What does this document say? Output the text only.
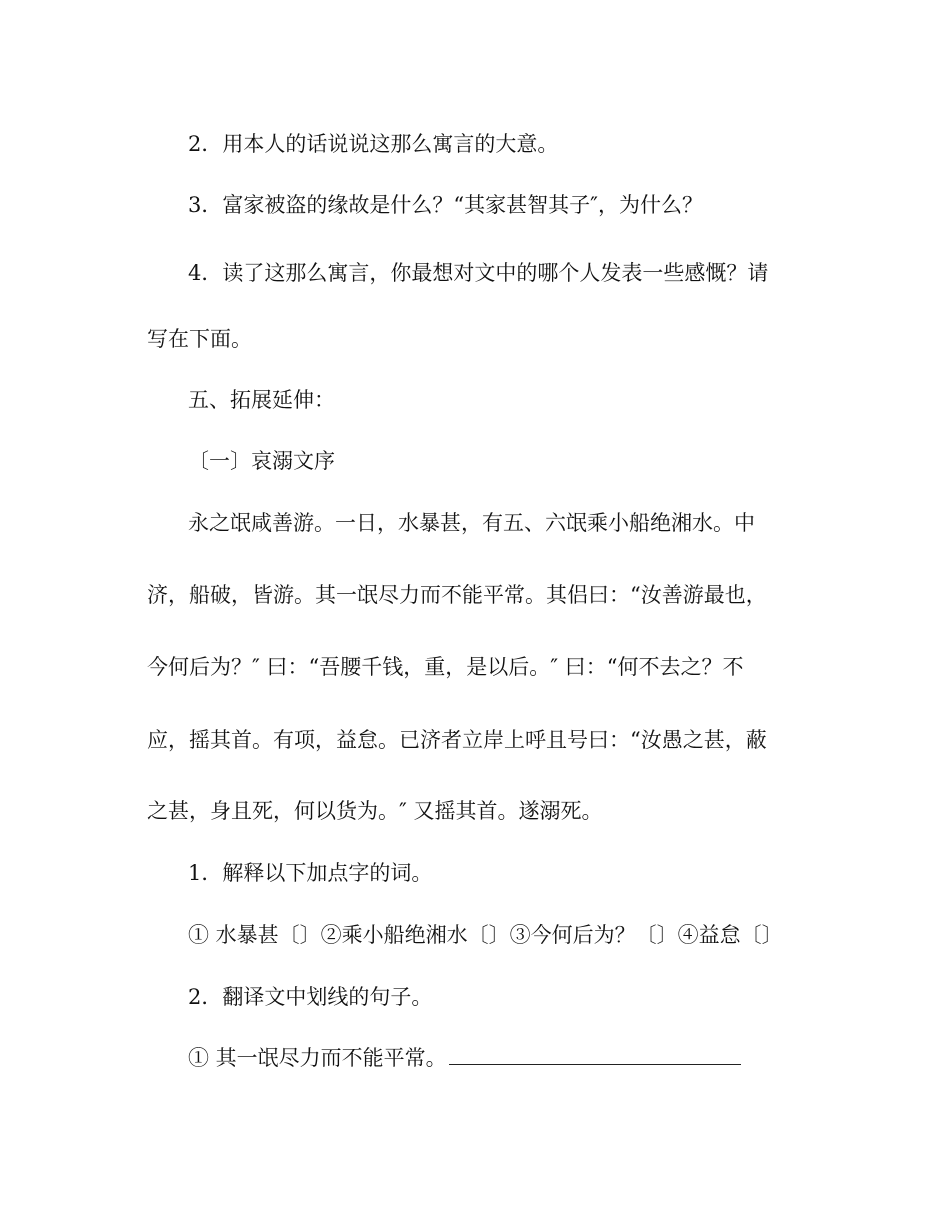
2．用本人的话说说这那么寓言的大意。
3．富家被盗的缘故是什么？“其家甚智其子″，为什么？
4．读了这那么寓言，你最想对文中的哪个人发表一些感慨？请
写在下面。
五、拓展延伸：
〔一〕哀溺文序
永之氓咸善游。一日，水暴甚，有五、六氓乘小船绝湘水。中
济，船破，皆游。其一氓尽力而不能平常。其侣曰：“汝善游最也，
今何后为？″ 曰：“吾腰千钱，重，是以后。″ 曰：“何不去之？不
应，摇其首。有项，益怠。已济者立岸上呼且号曰：“汝愚之甚，蔽
之甚，身且死，何以货为。″ 又摇其首。遂溺死。
1．解释以下加点字的词。
① 水暴甚〔〕②乘小船绝湘水〔〕③今何后为？〔〕④益怠〔〕
2．翻译文中划线的句子。
① 其一氓尽力而不能平常。
